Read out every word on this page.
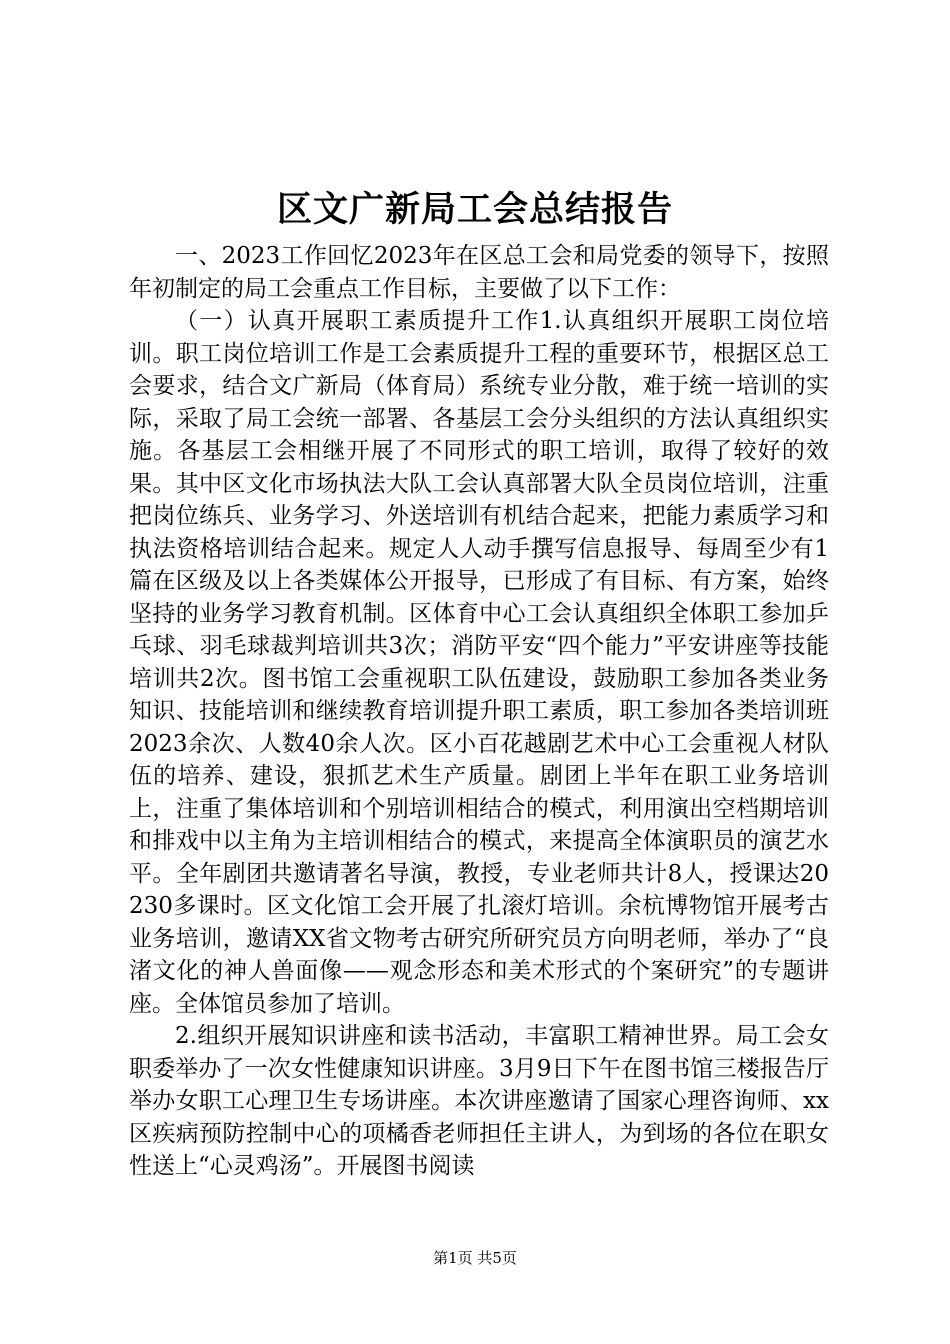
区文广新局工会总结报告

一、2023工作回忆2023年在区总工会和局党委的领导下，按照年初制定的局工会重点工作目标，主要做了以下工作：

（一）认真开展职工素质提升工作1.认真组织开展职工岗位培训。职工岗位培训工作是工会素质提升工程的重要环节，根据区总工会要求，结合文广新局（体育局）系统专业分散，难于统一培训的实际，采取了局工会统一部署、各基层工会分头组织的方法认真组织实施。各基层工会相继开展了不同形式的职工培训，取得了较好的效果。其中区文化市场执法大队工会认真部署大队全员岗位培训，注重把岗位练兵、业务学习、外送培训有机结合起来，把能力素质学习和执法资格培训结合起来。规定人人动手撰写信息报导、每周至少有1篇在区级及以上各类媒体公开报导，已形成了有目标、有方案，始终坚持的业务学习教育机制。区体育中心工会认真组织全体职工参加乒乓球、羽毛球裁判培训共3次；消防平安“四个能力”平安讲座等技能培训共2次。图书馆工会重视职工队伍建设，鼓励职工参加各类业务知识、技能培训和继续教育培训提升职工素质，职工参加各类培训班2023余次、人数40余人次。区小百花越剧艺术中心工会重视人材队伍的培养、建设，狠抓艺术生产质量。剧团上半年在职工业务培训上，注重了集体培训和个别培训相结合的模式，利用演出空档期培训和排戏中以主角为主培训相结合的模式，来提高全体演职员的演艺水平。全年剧团共邀请著名导演，教授，专业老师共计8人，授课达20230多课时。区文化馆工会开展了扎滚灯培训。余杭博物馆开展考古业务培训，邀请XX省文物考古研究所研究员方向明老师，举办了“良渚文化的神人兽面像——观念形态和美术形式的个案研究”的专题讲座。全体馆员参加了培训。

2.组织开展知识讲座和读书活动，丰富职工精神世界。局工会女职委举办了一次女性健康知识讲座。3月9日下午在图书馆三楼报告厅举办女职工心理卫生专场讲座。本次讲座邀请了国家心理咨询师、xx区疾病预防控制中心的项橘香老师担任主讲人，为到场的各位在职女性送上“心灵鸡汤”。开展图书阅读

第1页 共5页
